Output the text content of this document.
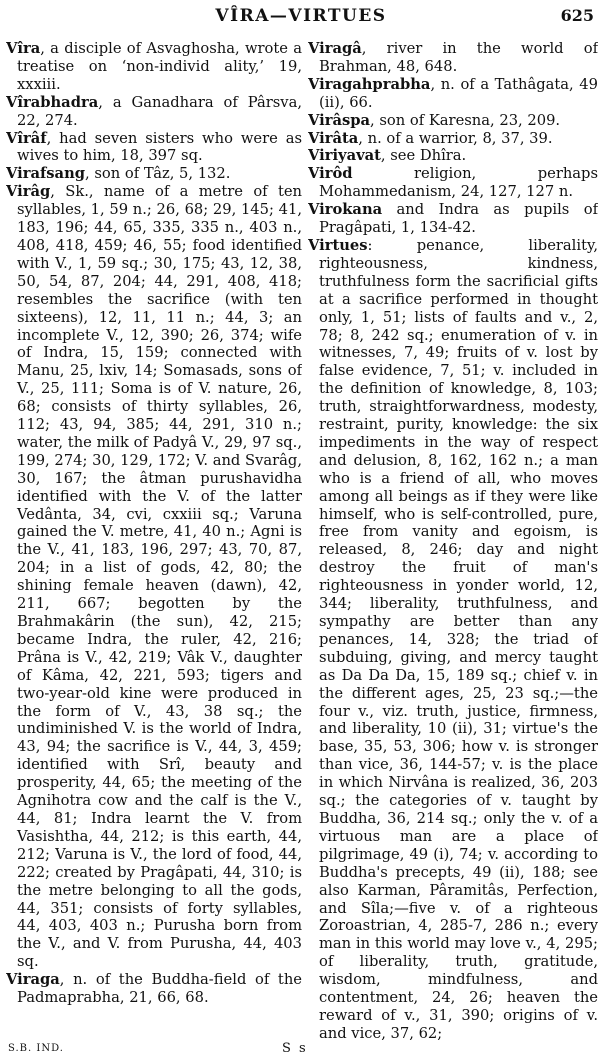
VÎRA—VIRTUES	625

Vîra, a disciple of Asvaghosha, wrote a treatise on ‘non-individ ality,’ 19, xxxiii.

Vîrabhadra, a Ganadhara of Pârsva, 22, 274.

Vîrâf, had seven sisters who were as wives to him, 18, 397 sq.

Virafsang, son of Tâz, 5, 132.

Virâg, Sk., name of a metre of ten syllables, 1, 59 n.; 26, 68; 29, 145; 41, 183, 196; 44, 65, 335, 335 n., 403 n., 408, 418, 459; 46, 55; food identified with V., 1, 59 sq.; 30, 175; 43, 12, 38, 50, 54, 87, 204; 44, 291, 408, 418; resembles the sacrifice (with ten sixteens), 12, 11, 11 n.; 44, 3; an incomplete V., 12, 390; 26, 374; wife of Indra, 15, 159; connected with Manu, 25, lxiv, 14; Somasads, sons of V., 25, 111; Soma is of V. nature, 26, 68; consists of thirty syllables, 26, 112; 43, 94, 385; 44, 291, 310 n.; water, the milk of Padyâ V., 29, 97 sq., 199, 274; 30, 129, 172; V. and Svarâg, 30, 167; the âtman purushavidha identified with the V. of the latter Vedânta, 34, cvi, cxxiii sq.; Varuna gained the V. metre, 41, 40 n.; Agni is the V., 41, 183, 196, 297; 43, 70, 87, 204; in a list of gods, 42, 80; the shining female heaven (dawn), 42, 211, 667; begotten by the Brahmakârin (the sun), 42, 215; became Indra, the ruler, 42, 216; Prâna is V., 42, 219; Vâk V., daughter of Kâma, 42, 221, 593; tigers and two-year-old kine were produced in the form of V., 43, 38 sq.; the undiminished V. is the world of Indra, 43, 94; the sacrifice is V., 44, 3, 459; identified with Srî, beauty and prosperity, 44, 65; the meeting of the Agnihotra cow and the calf is the V., 44, 81; Indra learnt the V. from Vasishtha, 44, 212; is this earth, 44, 212; Varuna is V., the lord of food, 44, 222; created by Pragâpati, 44, 310; is the metre belonging to all the gods, 44, 351; consists of forty syllables, 44, 403, 403 n.; Purusha born from the V., and V. from Purusha, 44, 403 sq.

Viraga, n. of the Buddha-field of the Padmaprabha, 21, 66, 68.

Viragâ, river in the world of Brahman, 48, 648.

Viragahprabha, n. of a Tathâgata, 49 (ii), 66.

Virâspa, son of Karesna, 23, 209.

Virâta, n. of a warrior, 8, 37, 39.

Viriyavat, see Dhîra.

Virôd religion, perhaps Mohammedanism, 24, 127, 127 n.

Virokana and Indra as pupils of Pragâpati, 1, 134-42.

Virtues: penance, liberality, righteousness, kindness, truthfulness form the sacrificial gifts at a sacrifice performed in thought only, 1, 51; lists of faults and v., 2, 78; 8, 242 sq.; enumeration of v. in witnesses, 7, 49; fruits of v. lost by false evidence, 7, 51; v. included in the definition of knowledge, 8, 103; truth, straightforwardness, modesty, restraint, purity, knowledge: the six impediments in the way of respect and delusion, 8, 162, 162 n.; a man who is a friend of all, who moves among all beings as if they were like himself, who is self-controlled, pure, free from vanity and egoism, is released, 8, 246; day and night destroy the fruit of man's righteousness in yonder world, 12, 344; liberality, truthfulness, and sympathy are better than any penances, 14, 328; the triad of subduing, giving, and mercy taught as Da Da Da, 15, 189 sq.; chief v. in the different ages, 25, 23 sq.;—the four v., viz. truth, justice, firmness, and liberality, 10 (ii), 31; virtue's the base, 35, 53, 306; how v. is stronger than vice, 36, 144-57; v. is the place in which Nirvâna is realized, 36, 203 sq.; the categories of v. taught by Buddha, 36, 214 sq.; only the v. of a virtuous man are a place of pilgrimage, 49 (i), 74; v. according to Buddha's precepts, 49 (ii), 188; see also Karman, Pâramitâs, Perfection, and Sîla;—five v. of a righteous Zoroastrian, 4, 285-7, 286 n.; every man in this world may love v., 4, 295; of liberality, truth, gratitude, wisdom, mindfulness, and contentment, 24, 26; heaven the reward of v., 31, 390; origins of v. and vice, 37, 62;

S.B. IND.	S s
